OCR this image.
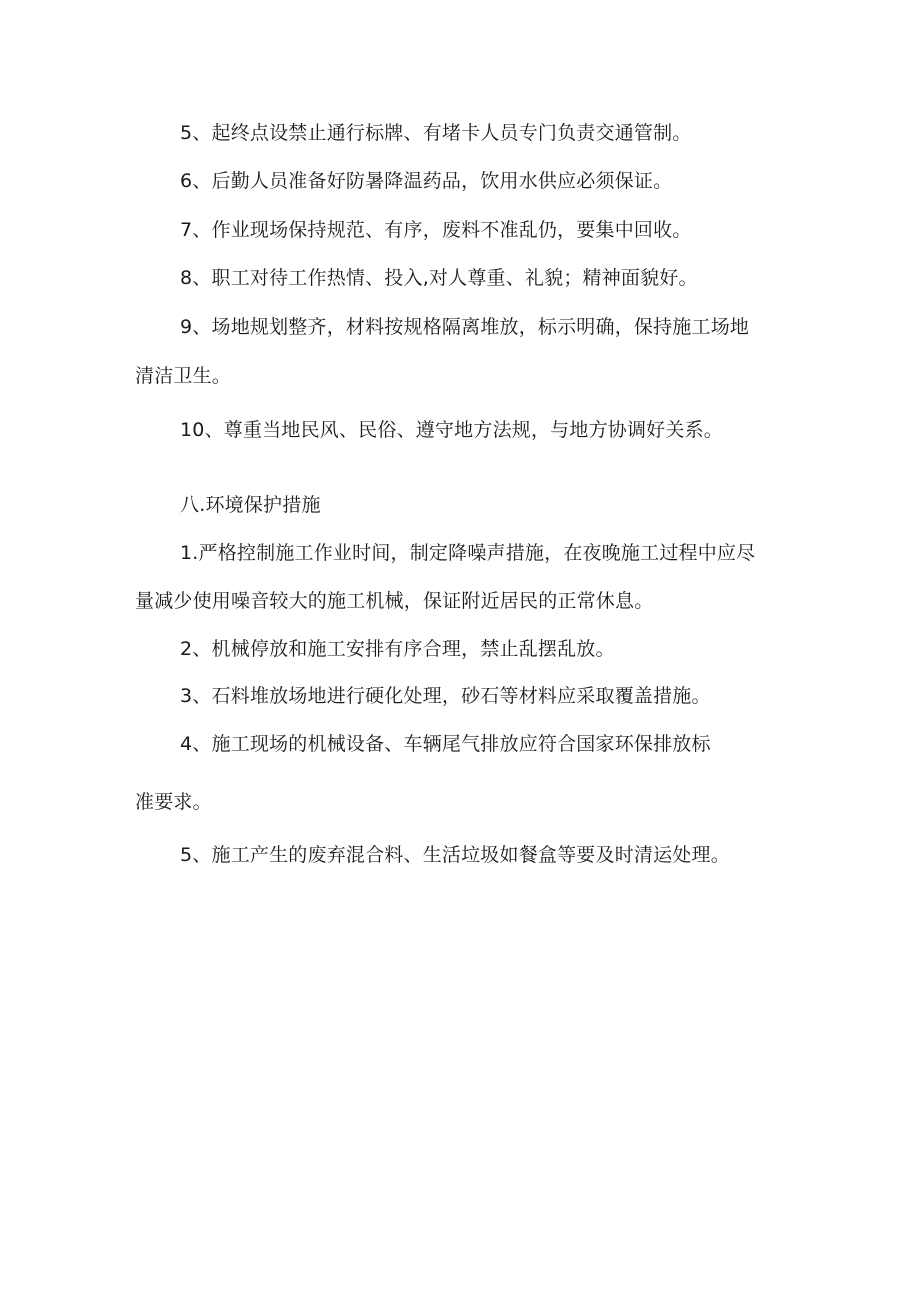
5、起终点设禁止通行标牌、有堵卡人员专门负责交通管制。
6、后勤人员准备好防暑降温药品，饮用水供应必须保证。
7、作业现场保持规范、有序，废料不准乱仍，要集中回收。
8、职工对待工作热情、投入,对人尊重、礼貌；精神面貌好。
9、场地规划整齐，材料按规格隔离堆放，标示明确，保持施工场地
清洁卫生。
10、尊重当地民风、民俗、遵守地方法规，与地方协调好关系。
八.环境保护措施
1.严格控制施工作业时间，制定降噪声措施，在夜晚施工过程中应尽
量减少使用噪音较大的施工机械，保证附近居民的正常休息。
2、机械停放和施工安排有序合理，禁止乱摆乱放。
3、石料堆放场地进行硬化处理，砂石等材料应采取覆盖措施。
4、施工现场的机械设备、车辆尾气排放应符合国家环保排放标
准要求。
5、施工产生的废弃混合料、生活垃圾如餐盒等要及时清运处理。
